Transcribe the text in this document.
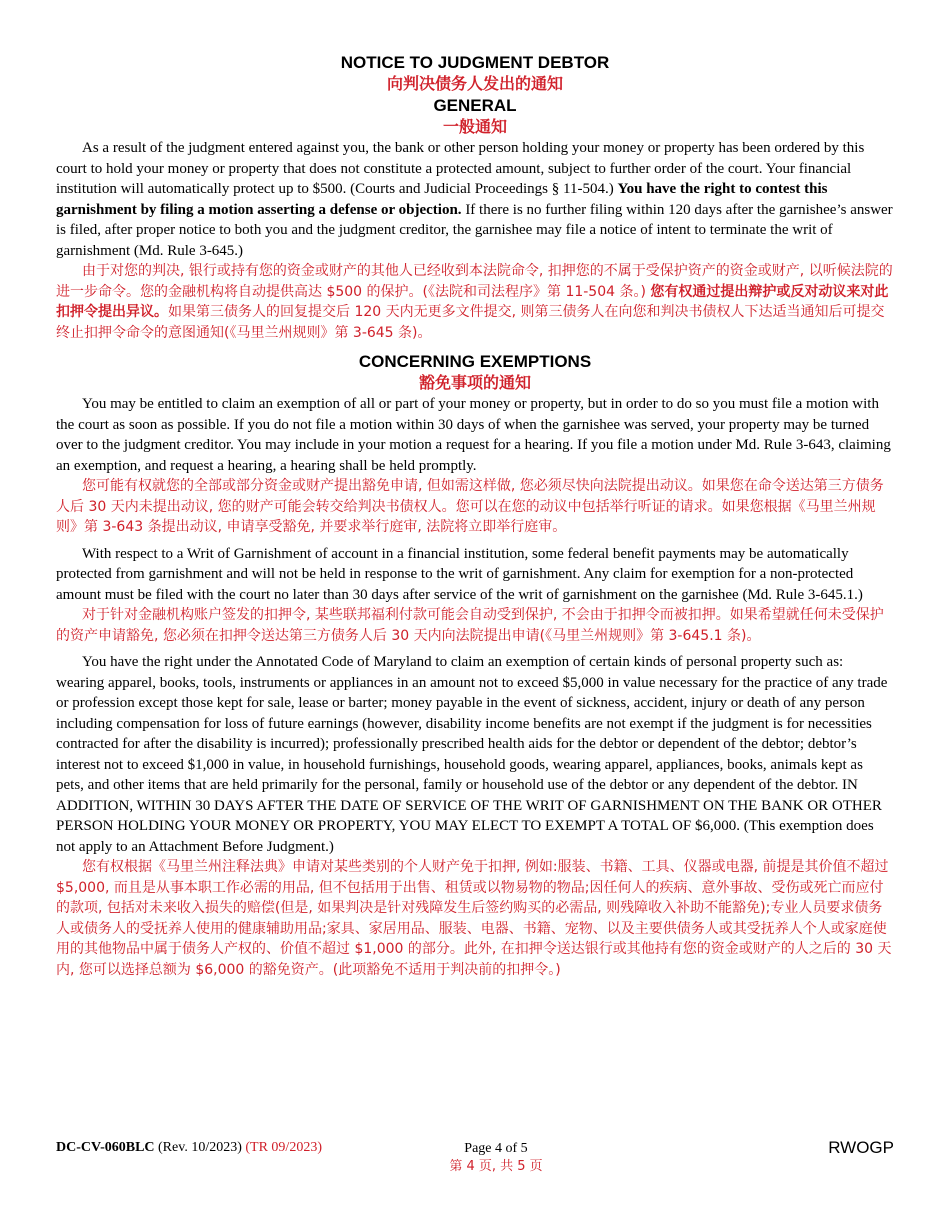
NOTICE TO JUDGMENT DEBTOR
向判决债务人发出的通知
GENERAL
一般通知

As a result of the judgment entered against you, the bank or other person holding your money or property has been ordered by this court to hold your money or property that does not constitute a protected amount, subject to further order of the court. Your financial institution will automatically protect up to $500. (Courts and Judicial Proceedings § 11-504.) You have the right to contest this garnishment by filing a motion asserting a defense or objection. If there is no further filing within 120 days after the garnishee’s answer is filed, after proper notice to both you and the judgment creditor, the garnishee may file a notice of intent to terminate the writ of garnishment (Md. Rule 3-645.)

由于对您的判决, 银行或持有您的资金或财产的其他人已经收到本法院命令, 扣押您的不属于受保护资产的资金或财产, 以听候法院的进一步命令。您的金融机构将自动提供高达 $500 的保护。(《法院和司法程序》第 11-504 条。) 您有权通过提出辩护或反对动议来对此扣押令提出异议。如果第三债务人的回复提交后 120 天内无更多文件提交, 则第三债务人在向您和判决书债权人下达适当通知后可提交终止扣押令命令的意图通知(《马里兰州规则》第 3-645 条)。

CONCERNING EXEMPTIONS
豁免事项的通知

You may be entitled to claim an exemption of all or part of your money or property, but in order to do so you must file a motion with the court as soon as possible. If you do not file a motion within 30 days of when the garnishee was served, your property may be turned over to the judgment creditor. You may include in your motion a request for a hearing. If you file a motion under Md. Rule 3-643, claiming an exemption, and request a hearing, a hearing shall be held promptly.

您可能有权就您的全部或部分资金或财产提出豁免申请, 但如需这样做, 您必须尽快向法院提出动议。如果您在命令送达第三方债务人后 30 天内未提出动议, 您的财产可能会转交给判决书债权人。您可以在您的动议中包括举行听证的请求。如果您根据《马里兰州规则》第 3-643 条提出动议, 申请享受豁免, 并要求举行庭审, 法院将立即举行庭审。

With respect to a Writ of Garnishment of account in a financial institution, some federal benefit payments may be automatically protected from garnishment and will not be held in response to the writ of garnishment. Any claim for exemption for a non-protected amount must be filed with the court no later than 30 days after service of the writ of garnishment on the garnishee (Md. Rule 3-645.1.)

对于针对金融机构账户签发的扣押令, 某些联邦福利付款可能会自动受到保护, 不会由于扣押令而被扣押。如果希望就任何未受保护的资产申请豁免, 您必须在扣押令送达第三方债务人后 30 天内向法院提出申请(《马里兰州规则》第 3-645.1 条)。

You have the right under the Annotated Code of Maryland to claim an exemption of certain kinds of personal property such as: wearing apparel, books, tools, instruments or appliances in an amount not to exceed $5,000 in value necessary for the practice of any trade or profession except those kept for sale, lease or barter; money payable in the event of sickness, accident, injury or death of any person including compensation for loss of future earnings (however, disability income benefits are not exempt if the judgment is for necessities contracted for after the disability is incurred); professionally prescribed health aids for the debtor or dependent of the debtor; debtor’s interest not to exceed $1,000 in value, in household furnishings, household goods, wearing apparel, appliances, books, animals kept as pets, and other items that are held primarily for the personal, family or household use of the debtor or any dependent of the debtor. IN ADDITION, WITHIN 30 DAYS AFTER THE DATE OF SERVICE OF THE WRIT OF GARNISHMENT ON THE BANK OR OTHER PERSON HOLDING YOUR MONEY OR PROPERTY, YOU MAY ELECT TO EXEMPT A TOTAL OF $6,000. (This exemption does not apply to an Attachment Before Judgment.)

您有权根据《马里兰州注释法典》申请对某些类别的个人财产免于扣押, 例如:服装、书籍、工具、仪器或电器, 前提是其价值不超过 $5,000, 而且是从事本职工作必需的用品, 但不包括用于出售、租赁或以物易物的物品;因任何人的疾病、意外事故、受伤或死亡而应付的款项, 包括对未来收入损失的赔偿(但是, 如果判决是针对残障发生后签约购买的必需品, 则残障收入补助不能豁免);专业人员要求债务人或债务人的受抚养人使用的健康辅助用品;家具、家居用品、服装、电器、书籍、宠物、以及主要供债务人或其受抚养人个人或家庭使用的其他物品中属于债务人产权的、价值不超过 $1,000 的部分。此外, 在扣押令送达银行或其他持有您的资金或财产的人之后的 30 天内, 您可以选择总额为 $6,000 的豁免资产。(此项豁免不适用于判决前的扣押令。)

DC-CV-060BLC (Rev. 10/2023) (TR 09/2023)	Page 4 of 5
第 4 页, 共 5 页
RWOGP
